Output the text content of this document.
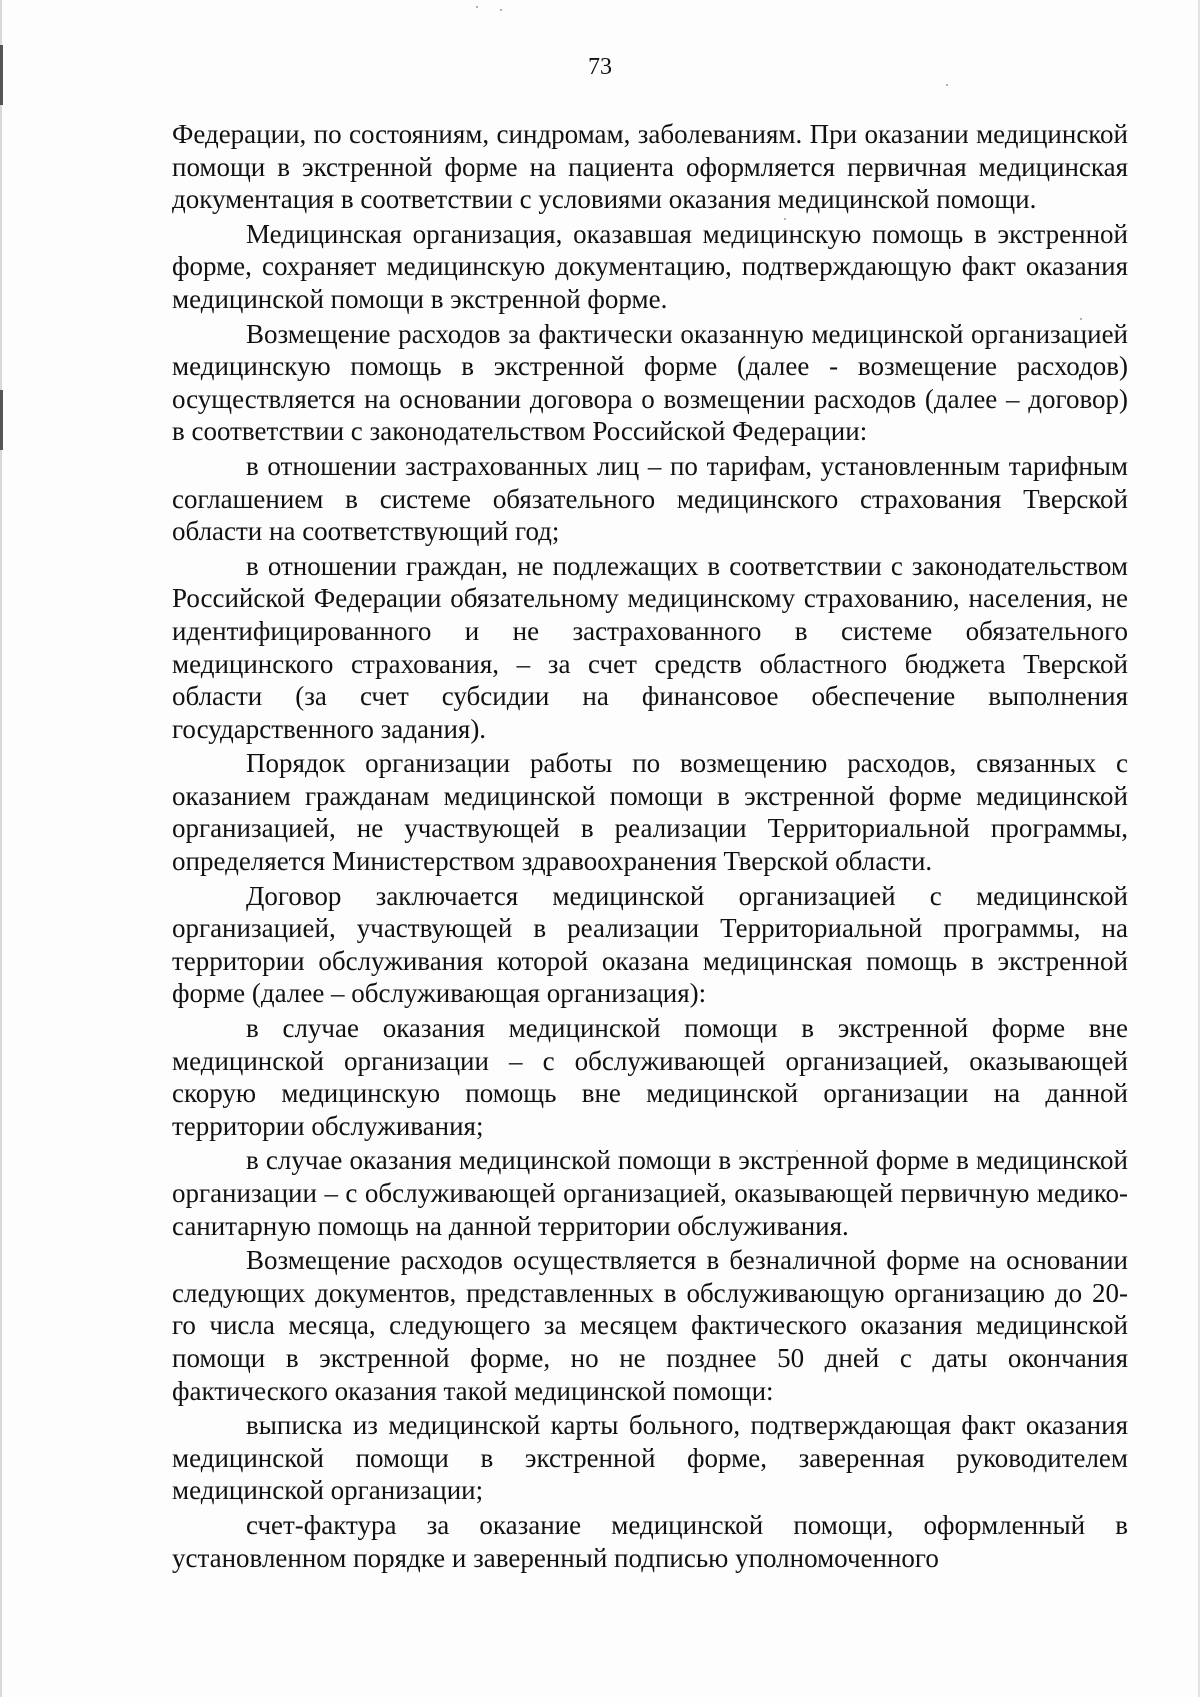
73

Федерации, по состояниям, синдромам, заболеваниям. При оказании медицинской помощи в экстренной форме на пациента оформляется первичная медицинская документация в соответствии с условиями оказания медицинской помощи.

Медицинская организация, оказавшая медицинскую помощь в экстренной форме, сохраняет медицинскую документацию, подтверждающую факт оказания медицинской помощи в экстренной форме.

Возмещение расходов за фактически оказанную медицинской организацией медицинскую помощь в экстренной форме (далее - возмещение расходов) осуществляется на основании договора о возмещении расходов (далее – договор) в соответствии с законодательством Российской Федерации:

в отношении застрахованных лиц – по тарифам, установленным тарифным соглашением в системе обязательного медицинского страхования Тверской области на соответствующий год;

в отношении граждан, не подлежащих в соответствии с законодательством Российской Федерации обязательному медицинскому страхованию, населения, не идентифицированного и не застрахованного в системе обязательного медицинского страхования, – за счет средств областного бюджета Тверской области (за счет субсидии на финансовое обеспечение выполнения государственного задания).

Порядок организации работы по возмещению расходов, связанных с оказанием гражданам медицинской помощи в экстренной форме медицинской организацией, не участвующей в реализации Территориальной программы, определяется Министерством здравоохранения Тверской области.

Договор заключается медицинской организацией с медицинской организацией, участвующей в реализации Территориальной программы, на территории обслуживания которой оказана медицинская помощь в экстренной форме (далее – обслуживающая организация):

в случае оказания медицинской помощи в экстренной форме вне медицинской организации – с обслуживающей организацией, оказывающей скорую медицинскую помощь вне медицинской организации на данной территории обслуживания;

в случае оказания медицинской помощи в экстренной форме в медицинской организации – с обслуживающей организацией, оказывающей первичную медико-санитарную помощь на данной территории обслуживания.

Возмещение расходов осуществляется в безналичной форме на основании следующих документов, представленных в обслуживающую организацию до 20-го числа месяца, следующего за месяцем фактического оказания медицинской помощи в экстренной форме, но не позднее 50 дней с даты окончания фактического оказания такой медицинской помощи:

выписка из медицинской карты больного, подтверждающая факт оказания медицинской помощи в экстренной форме, заверенная руководителем медицинской организации;

счет-фактура за оказание медицинской помощи, оформленный в установленном порядке и заверенный подписью уполномоченного
